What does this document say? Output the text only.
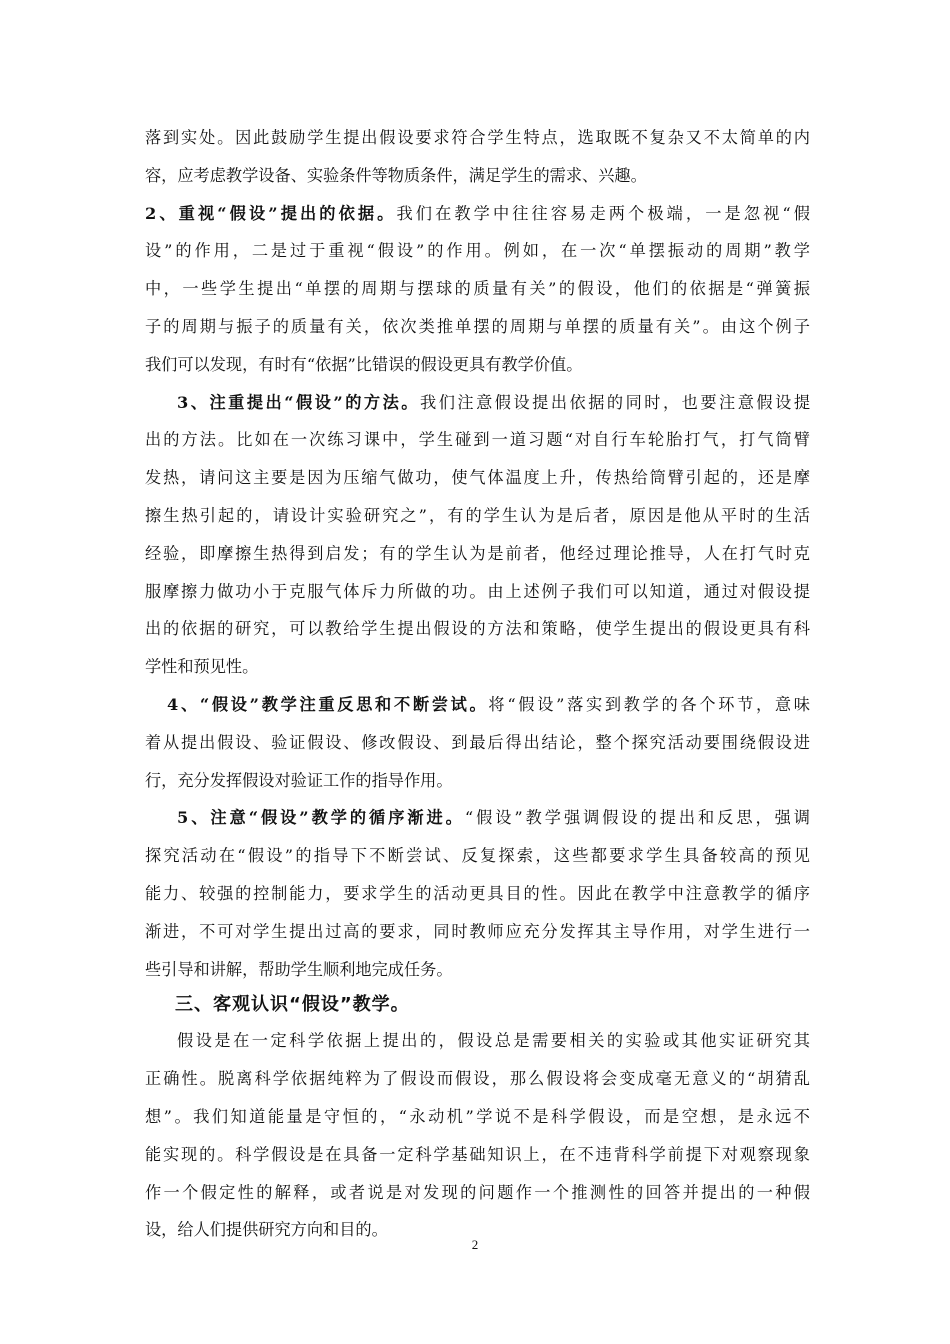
落到实处。因此鼓励学生提出假设要求符合学生特点，选取既不复杂又不太简单的内
容，应考虑教学设备、实验条件等物质条件，满足学生的需求、兴趣。
2、重视“假设”提出的依据。我们在教学中往往容易走两个极端，一是忽视“假
设”的作用，二是过于重视“假设”的作用。例如，在一次“单摆振动的周期”教学
中，一些学生提出“单摆的周期与摆球的质量有关”的假设，他们的依据是“弹簧振
子的周期与振子的质量有关，依次类推单摆的周期与单摆的质量有关”。由这个例子
我们可以发现，有时有“依据”比错误的假设更具有教学价值。
3、注重提出“假设”的方法。我们注意假设提出依据的同时，也要注意假设提
出的方法。比如在一次练习课中，学生碰到一道习题“对自行车轮胎打气，打气筒臂
发热，请问这主要是因为压缩气做功，使气体温度上升，传热给筒臂引起的，还是摩
擦生热引起的，请设计实验研究之”，有的学生认为是后者，原因是他从平时的生活
经验，即摩擦生热得到启发；有的学生认为是前者，他经过理论推导，人在打气时克
服摩擦力做功小于克服气体斥力所做的功。由上述例子我们可以知道，通过对假设提
出的依据的研究，可以教给学生提出假设的方法和策略，使学生提出的假设更具有科
学性和预见性。
4、“假设”教学注重反思和不断尝试。将“假设”落实到教学的各个环节，意味
着从提出假设、验证假设、修改假设、到最后得出结论，整个探究活动要围绕假设进
行，充分发挥假设对验证工作的指导作用。
5、注意“假设”教学的循序渐进。“假设”教学强调假设的提出和反思，强调
探究活动在“假设”的指导下不断尝试、反复探索，这些都要求学生具备较高的预见
能力、较强的控制能力，要求学生的活动更具目的性。因此在教学中注意教学的循序
渐进，不可对学生提出过高的要求，同时教师应充分发挥其主导作用，对学生进行一
些引导和讲解，帮助学生顺利地完成任务。
三、客观认识“假设”教学。
假设是在一定科学依据上提出的，假设总是需要相关的实验或其他实证研究其
正确性。脱离科学依据纯粹为了假设而假设，那么假设将会变成毫无意义的“胡猜乱
想”。我们知道能量是守恒的，“永动机”学说不是科学假设，而是空想，是永远不
能实现的。科学假设是在具备一定科学基础知识上，在不违背科学前提下对观察现象
作一个假定性的解释，或者说是对发现的问题作一个推测性的回答并提出的一种假
设，给人们提供研究方向和目的。
2
